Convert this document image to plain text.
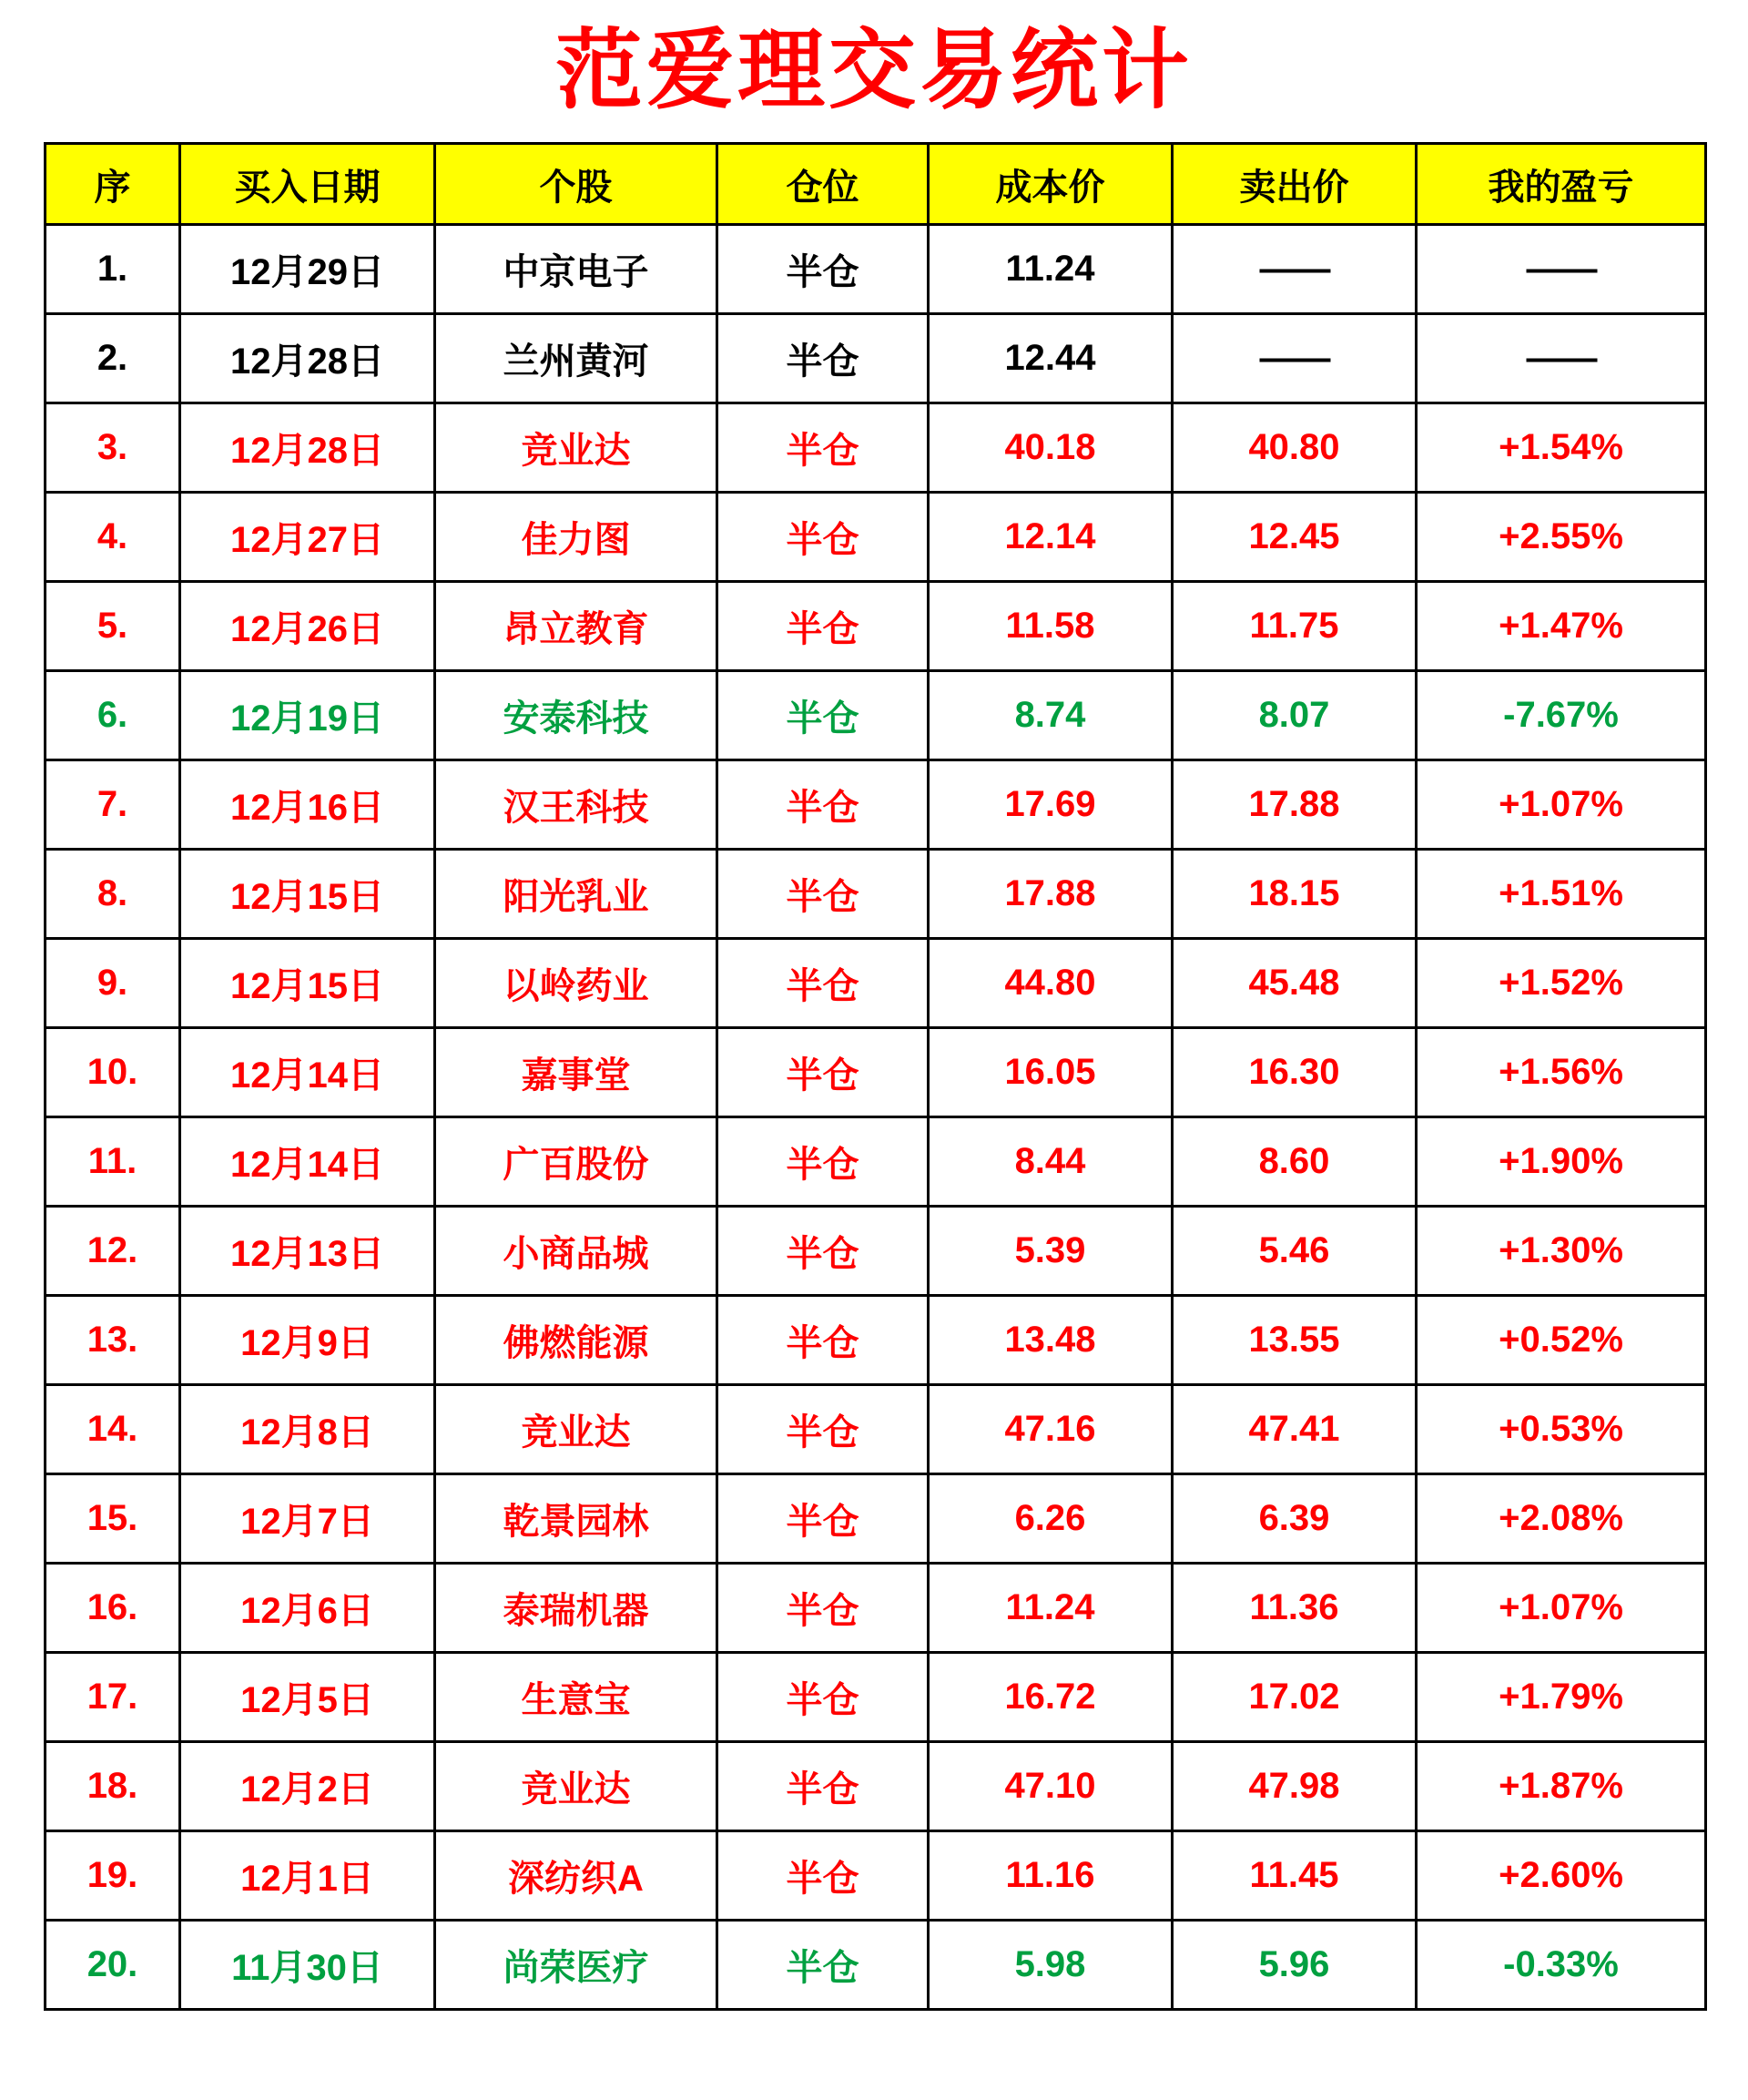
范爱理交易统计
序	买入日期	个股	仓位	成本价	卖出价	我的盈亏
1.	12月29日	中京电子	半仓	11.24	——	——
2.	12月28日	兰州黄河	半仓	12.44	——	——
3.	12月28日	竞业达	半仓	40.18	40.80	+1.54%
4.	12月27日	佳力图	半仓	12.14	12.45	+2.55%
5.	12月26日	昂立教育	半仓	11.58	11.75	+1.47%
6.	12月19日	安泰科技	半仓	8.74	8.07	-7.67%
7.	12月16日	汉王科技	半仓	17.69	17.88	+1.07%
8.	12月15日	阳光乳业	半仓	17.88	18.15	+1.51%
9.	12月15日	以岭药业	半仓	44.80	45.48	+1.52%
10.	12月14日	嘉事堂	半仓	16.05	16.30	+1.56%
11.	12月14日	广百股份	半仓	8.44	8.60	+1.90%
12.	12月13日	小商品城	半仓	5.39	5.46	+1.30%
13.	12月9日	佛燃能源	半仓	13.48	13.55	+0.52%
14.	12月8日	竞业达	半仓	47.16	47.41	+0.53%
15.	12月7日	乾景园林	半仓	6.26	6.39	+2.08%
16.	12月6日	泰瑞机器	半仓	11.24	11.36	+1.07%
17.	12月5日	生意宝	半仓	16.72	17.02	+1.79%
18.	12月2日	竞业达	半仓	47.10	47.98	+1.87%
19.	12月1日	深纺织A	半仓	11.16	11.45	+2.60%
20.	11月30日	尚荣医疗	半仓	5.98	5.96	-0.33%
